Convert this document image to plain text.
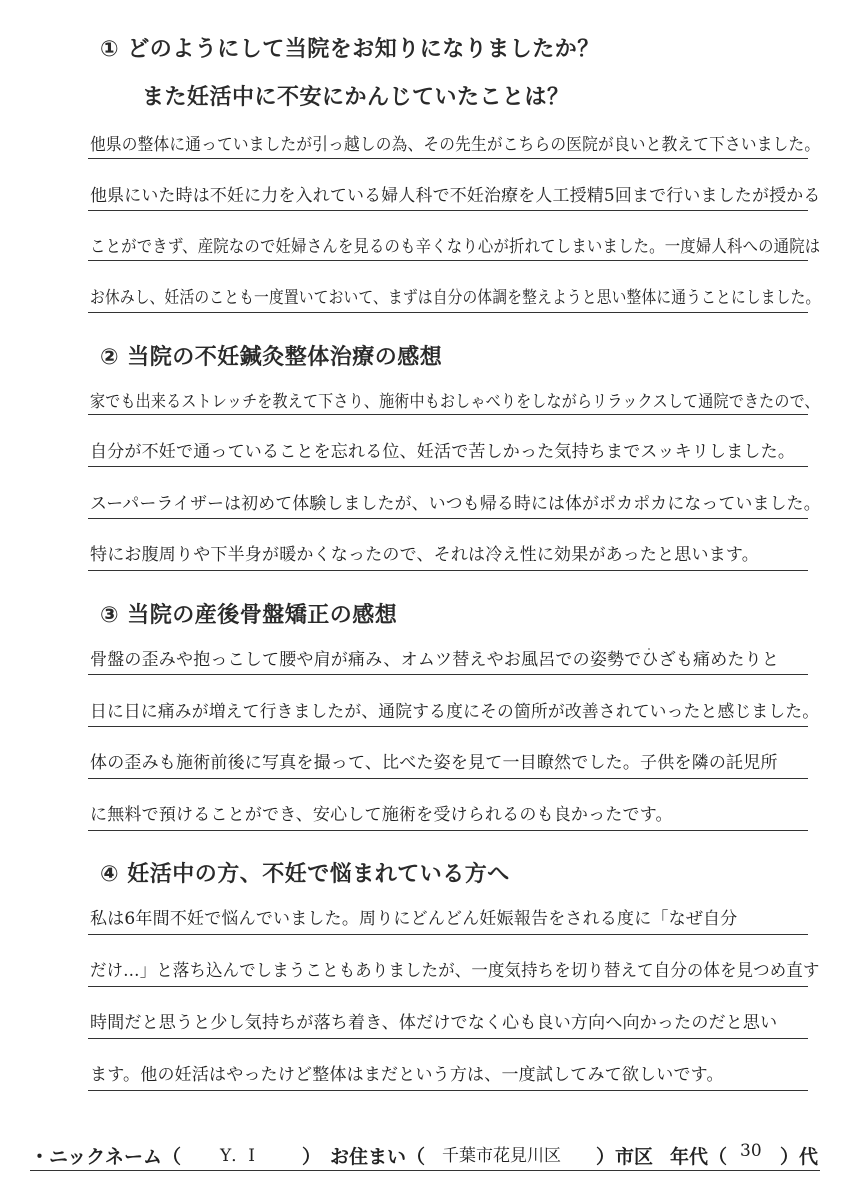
① どのようにして当院をお知りになりましたか？
また妊活中に不安にかんじていたことは？
他県の整体に通っていましたが引っ越しの為、その先生がこちらの医院が良いと教えて下さいました。
他県にいた時は不妊に力を入れている婦人科で不妊治療を人工授精5回まで行いましたが授かる
ことができず、産院なので妊婦さんを見るのも辛くなり心が折れてしまいました。一度婦人科への通院は
お休みし、妊活のことも一度置いておいて、まずは自分の体調を整えようと思い整体に通うことにしました。
② 当院の不妊鍼灸整体治療の感想
家でも出来るストレッチを教えて下さり、施術中もおしゃべりをしながらリラックスして通院できたので、
自分が不妊で通っていることを忘れる位、妊活で苦しかった気持ちまでスッキリしました。
スーパーライザーは初めて体験しましたが、いつも帰る時には体がポカポカになっていました。
特にお腹周りや下半身が暖かくなったので、それは冷え性に効果があったと思います。
③ 当院の産後骨盤矯正の感想
骨盤の歪みや抱っこして腰や肩が痛み、オムツ替えやお風呂での姿勢でひざも痛めたりと
日に日に痛みが増えて行きましたが、通院する度にその箇所が改善されていったと感じました。
体の歪みも施術前後に写真を撮って、比べた姿を見て一目瞭然でした。子供を隣の託児所
に無料で預けることができ、安心して施術を受けられるのも良かったです。
④ 妊活中の方、不妊で悩まれている方へ
私は6年間不妊で悩んでいました。周りにどんどん妊娠報告をされる度に「なぜ自分
だけ…」と落ち込んでしまうこともありましたが、一度気持ちを切り替えて自分の体を見つめ直す
時間だと思うと少し気持ちが落ち着き、体だけでなく心も良い方向へ向かったのだと思い
ます。他の妊活はやったけど整体はまだという方は、一度試してみて欲しいです。
・ニックネーム（ Y．I ） お住まい（ 千葉市花見川区 ）市区 年代（ 30 ）代
